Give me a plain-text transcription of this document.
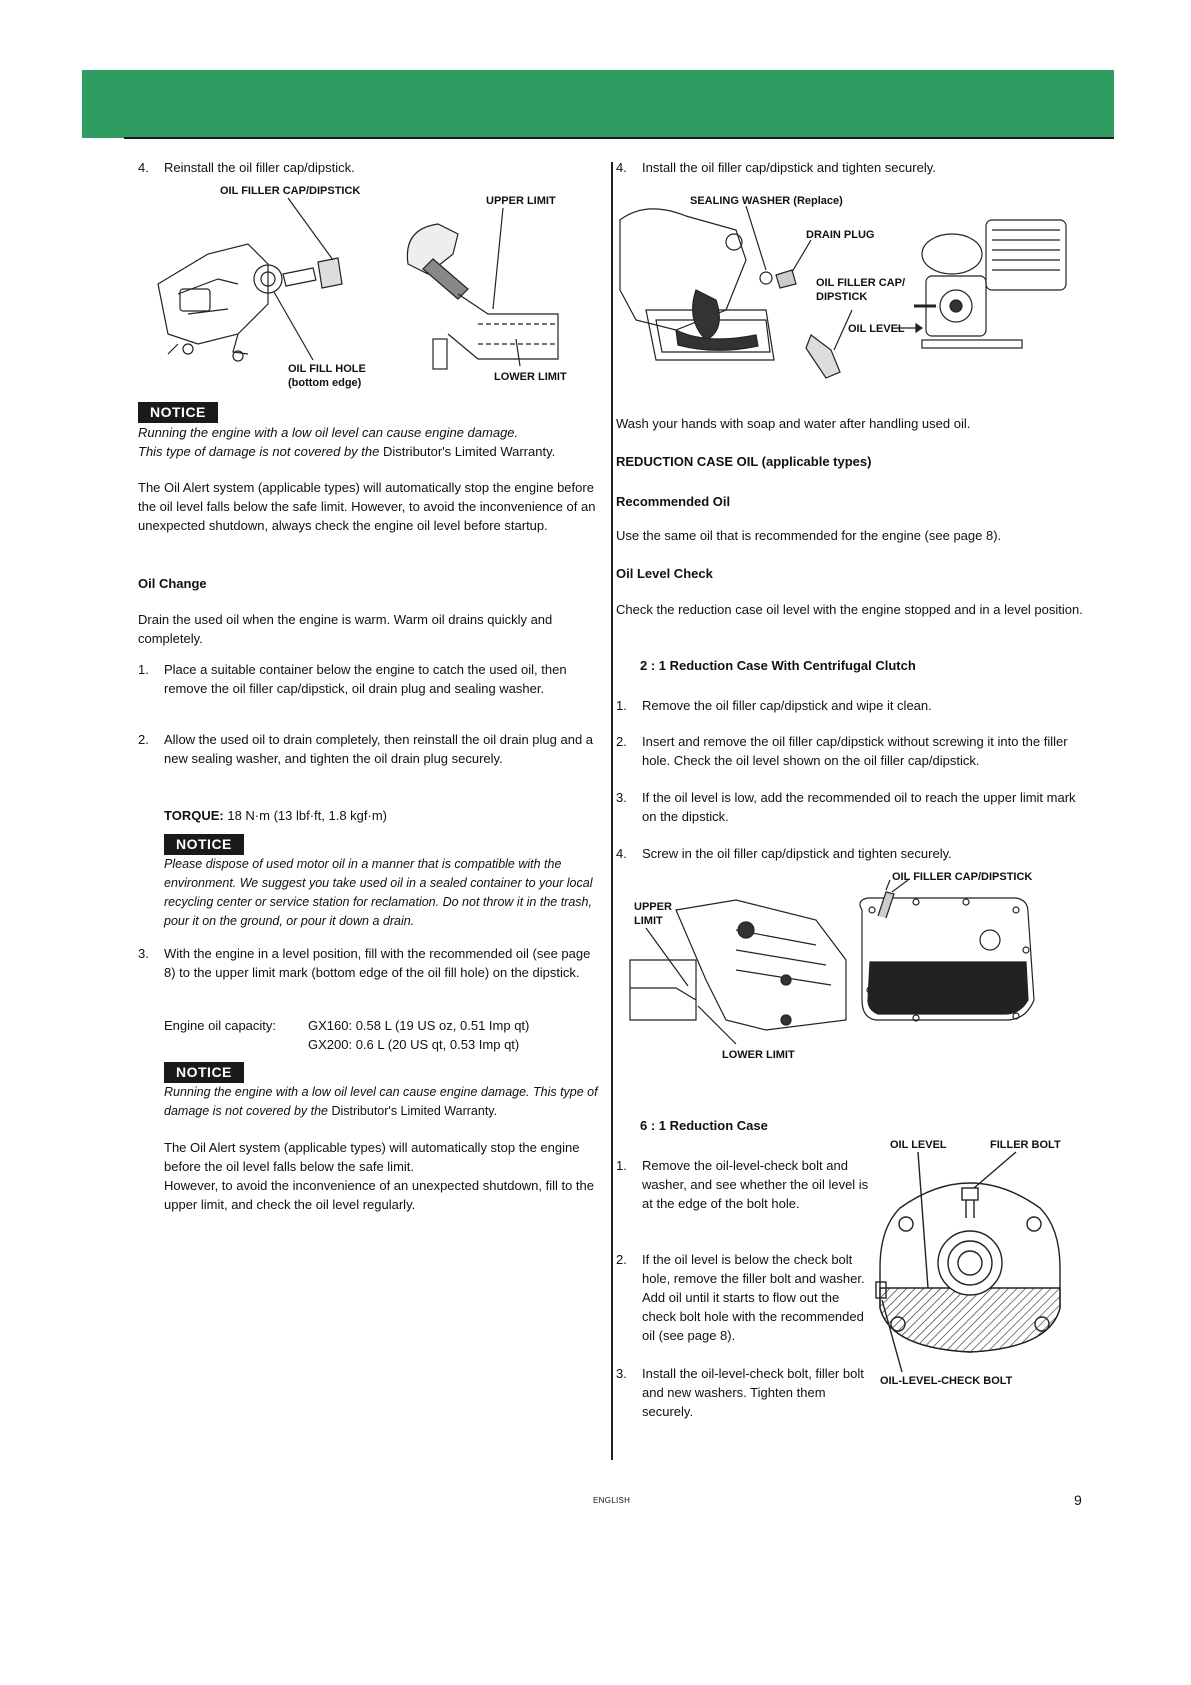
4. Reinstall the oil filler cap/dipstick.
OIL FILLER CAP/DIPSTICK
UPPER LIMIT
OIL FILL HOLE
(bottom edge)	LOWER LIMIT
NOTICE

Running the engine with a low oil level can cause engine damage.

This type of damage is not covered by the Distributor's Limited Warranty.

The Oil Alert system (applicable types) will automatically stop the engine before the oil level falls below the safe limit. However, to avoid the inconvenience of an unexpected shutdown, always check the engine oil level before startup.

Oil Change

Drain the used oil when the engine is warm. Warm oil drains quickly and completely.

1. Place a suitable container below the engine to catch the used oil, then remove the oil filler cap/dipstick, oil drain plug and sealing washer.
2. Allow the used oil to drain completely, then reinstall the oil drain plug and a new sealing washer, and tighten the oil drain plug securely.
TORQUE: 18 N·m (13 lbf·ft, 1.8 kgf·m)
NOTICE

Please dispose of used motor oil in a manner that is compatible with the environment. We suggest you take used oil in a sealed container to your local recycling center or service station for reclamation. Do not throw it in the trash, pour it on the ground, or pour it down a drain.

3. With the engine in a level position, fill with the recommended oil (see page 8) to the upper limit mark (bottom edge of the oil fill hole) on the dipstick.
Engine oil capacity: GX160: 0.58 L (19 US oz, 0.51 Imp qt)
GX200: 0.6 L (20 US qt, 0.53 Imp qt)
NOTICE

Running the engine with a low oil level can cause engine damage. This type of damage is not covered by the Distributor's Limited Warranty.

The Oil Alert system (applicable types) will automatically stop the engine before the oil level falls below the safe limit.

However, to avoid the inconvenience of an unexpected shutdown, fill to the upper limit, and check the oil level regularly.

4. Install the oil filler cap/dipstick and tighten securely.
SEALING WASHER (Replace)
DRAIN PLUG
OIL FILLER CAP/
DIPSTICK
OIL LEVEL

Wash your hands with soap and water after handling used oil.

REDUCTION CASE OIL (applicable types)

Recommended Oil

Use the same oil that is recommended for the engine (see page 8).

Oil Level Check

Check the reduction case oil level with the engine stopped and in a level position.

2 : 1 Reduction Case With Centrifugal Clutch

1. Remove the oil filler cap/dipstick and wipe it clean.
2. Insert and remove the oil filler cap/dipstick without screwing it into the filler hole. Check the oil level shown on the oil filler cap/dipstick.
3. If the oil level is low, add the recommended oil to reach the upper limit mark on the dipstick.
4. Screw in the oil filler cap/dipstick and tighten securely.
OIL FILLER CAP/DIPSTICK
UPPER
LIMIT
LOWER LIMIT

6 : 1 Reduction Case

1. Remove the oil-level-check bolt and washer, and see whether the oil level is at the edge of the bolt hole.
2. If the oil level is below the check bolt hole, remove the filler bolt and washer. Add oil until it starts to flow out the check bolt hole with the recommended oil (see page 8).
3. Install the oil-level-check bolt, filler bolt and new washers. Tighten them securely.
OIL LEVEL	FILLER BOLT
OIL-LEVEL-CHECK BOLT
ENGLISH	9
